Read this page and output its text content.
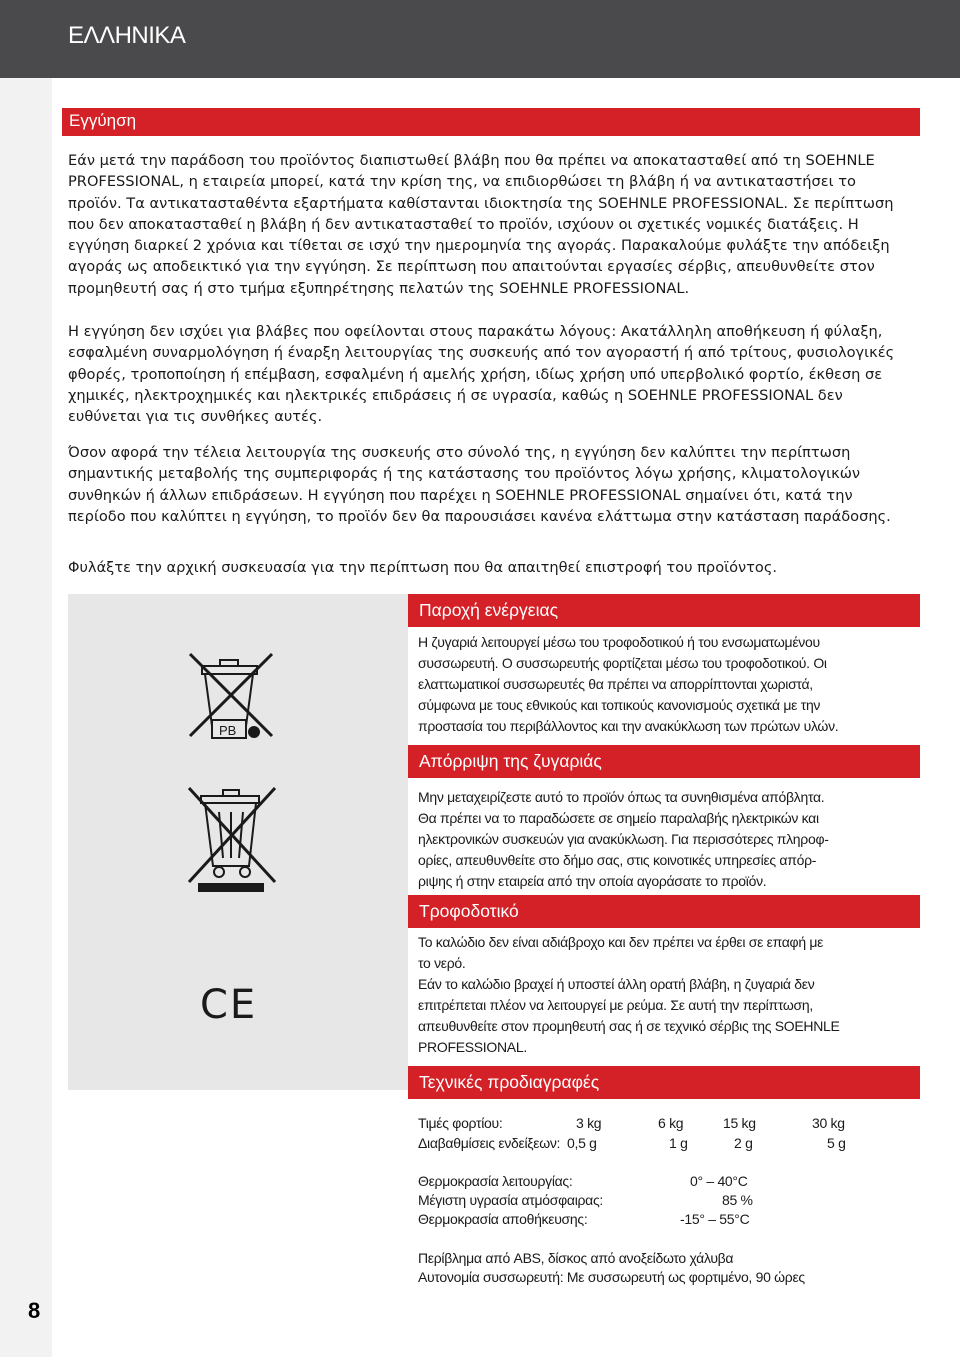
ΕΛΛΗΝΙΚΑ
8
Εγγύηση

Εάν μετά την παράδοση του προϊόντος διαπιστωθεί βλάβη που θα πρέπει να αποκατασταθεί από τη SOEHNLE PROFESSIONAL, η εταιρεία μπορεί, κατά την κρίση της, να επιδιορθώσει τη βλάβη ή να αντικαταστήσει το προϊόν. Τα αντικατασταθέντα εξαρτήματα καθίστανται ιδιοκτησία της SOEHNLE PROFESSIONAL. Σε περίπτωση που δεν αποκατασταθεί η βλάβη ή δεν αντικατασταθεί το προϊόν, ισχύουν οι σχετικές νομικές διατάξεις. Η εγγύηση διαρκεί 2 χρόνια και τίθεται σε ισχύ την ημερομηνία της αγοράς. Παρακαλούμε φυλάξτε την απόδειξη αγοράς ως αποδεικτικό για την εγγύηση. Σε περίπτωση που απαιτούνται εργασίες σέρβις, απευθυνθείτε στον προμηθευτή σας ή στο τμήμα εξυπηρέτησης πελατών της SOEHNLE PROFESSIONAL.

Η εγγύηση δεν ισχύει για βλάβες που οφείλονται στους παρακάτω λόγους: Ακατάλληλη αποθήκευση ή φύλαξη, εσφαλμένη συναρμολόγηση ή έναρξη λειτουργίας της συσκευής από τον αγοραστή ή από τρίτους, φυσιολογικές φθορές, τροποποίηση ή επέμβαση, εσφαλμένη ή αμελής χρήση, ιδίως χρήση υπό υπερβολικό φορτίο, έκθεση σε χημικές, ηλεκτροχημικές και ηλεκτρικές επιδράσεις ή σε υγρασία, καθώς η SOEHNLE PROFESSIONAL δεν ευθύνεται για τις συνθήκες αυτές.

Όσον αφορά την τέλεια λειτουργία της συσκευής στο σύνολό της, η εγγύηση δεν καλύπτει την περίπτωση σημαντικής μεταβολής της συμπεριφοράς ή της κατάστασης του προϊόντος λόγω χρήσης, κλιματολογικών συνθηκών ή άλλων επιδράσεων. Η εγγύηση που παρέχει η SOEHNLE PROFESSIONAL σημαίνει ότι, κατά την περίοδο που καλύπτει η εγγύηση, το προϊόν δεν θα παρουσιάσει κανένα ελάττωμα στην κατάσταση παράδοσης.

Φυλάξτε την αρχική συσκευασία για την περίπτωση που θα απαιτηθεί επιστροφή του προϊόντος.

PB
CE
Παροχή ενέργειας
Η ζυγαριά λειτουργεί μέσω του τροφοδοτικού ή του ενσωματωμένου
συσσωρευτή. Ο συσσωρευτής φορτίζεται μέσω του τροφοδοτικού. Οι
ελαττωματικοί συσσωρευτές θα πρέπει να απορρίπτονται χωριστά,
σύμφωνα με τους εθνικούς και τοπικούς κανονισμούς σχετικά με την
προστασία του περιβάλλοντος και την ανακύκλωση των πρώτων υλών.
Απόρριψη της ζυγαριάς
Μην μεταχειρίζεστε αυτό το προϊόν όπως τα συνηθισμένα απόβλητα.
Θα πρέπει να το παραδώσετε σε σημείο παραλαβής ηλεκτρικών και
ηλεκτρονικών συσκευών για ανακύκλωση. Για περισσότερες πληροφ-
ορίες, απευθυνθείτε στο δήμο σας, στις κοινοτικές υπηρεσίες απόρ-
ριψης ή στην εταιρεία από την οποία αγοράσατε το προϊόν.
Τροφοδοτικό
Το καλώδιο δεν είναι αδιάβροχο και δεν πρέπει να έρθει σε επαφή με
το νερό.
Εάν το καλώδιο βραχεί ή υποστεί άλλη ορατή βλάβη, η ζυγαριά δεν
επιτρέπεται πλέον να λειτουργεί με ρεύμα. Σε αυτή την περίπτωση,
απευθυνθείτε στον προμηθευτή σας ή σε τεχνικό σέρβις της SOEHNLE
PROFESSIONAL.
Τεχνικές προδιαγραφές
Τιμές φορτίου:	3 kg	6 kg	15 kg	30 kg
Διαβαθμίσεις ενδείξεων: 0,5 g	1 g	2 g	5 g
Θερμοκρασία λειτουργίας:	0° – 40°C
Μέγιστη υγρασία ατμόσφαιρας:	85 %
Θερμοκρασία αποθήκευσης:	-15° – 55°C
Περίβλημα από ABS, δίσκος από ανοξείδωτο χάλυβα
Αυτονομία συσσωρευτή: Με συσσωρευτή ως φορτιμένο, 90 ώρες
